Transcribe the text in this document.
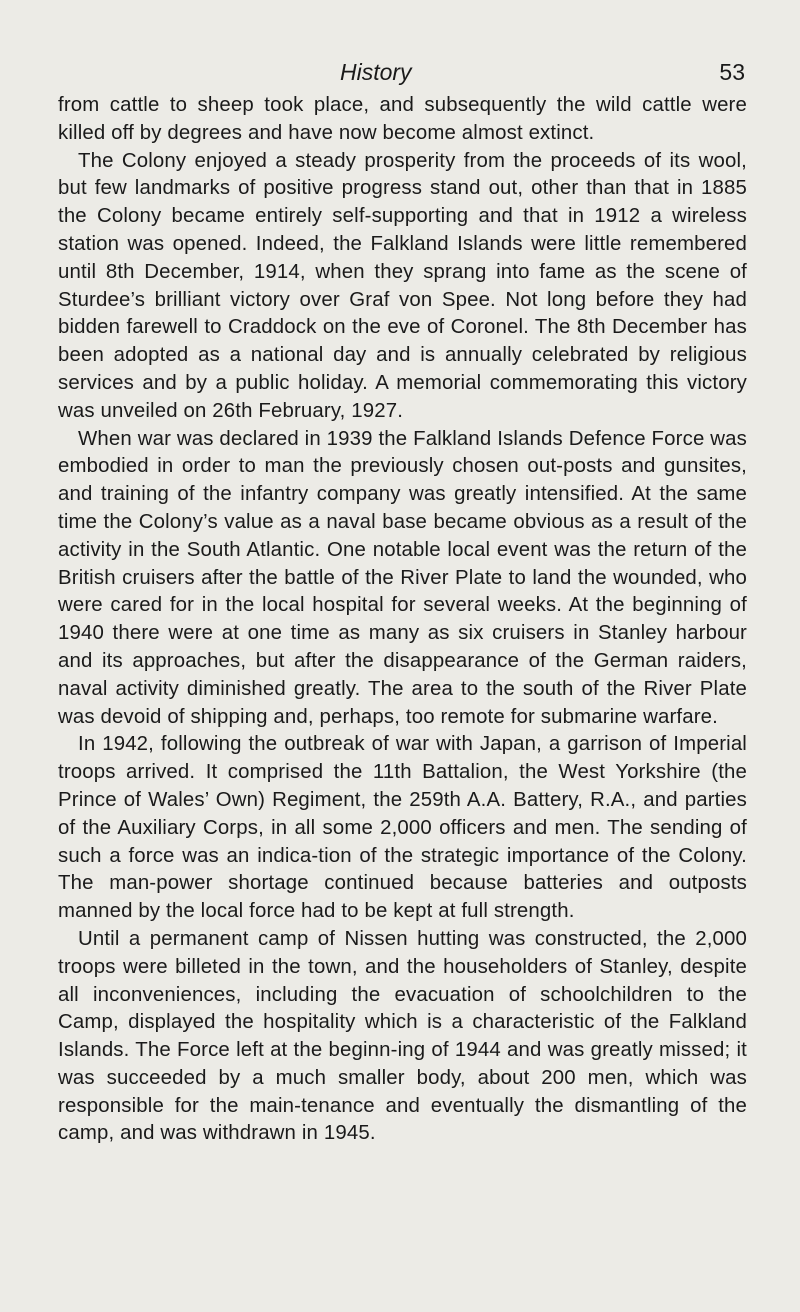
History	53

from cattle to sheep took place, and subsequently the wild cattle were killed off by degrees and have now become almost extinct.

The Colony enjoyed a steady prosperity from the proceeds of its wool, but few landmarks of positive progress stand out, other than that in 1885 the Colony became entirely self-supporting and that in 1912 a wireless station was opened. Indeed, the Falkland Islands were little remembered until 8th December, 1914, when they sprang into fame as the scene of Sturdee’s brilliant victory over Graf von Spee. Not long before they had bidden farewell to Craddock on the eve of Coronel. The 8th December has been adopted as a national day and is annually celebrated by religious services and by a public holiday. A memorial commemorating this victory was unveiled on 26th February, 1927.

When war was declared in 1939 the Falkland Islands Defence Force was embodied in order to man the previously chosen out-posts and gunsites, and training of the infantry company was greatly intensified. At the same time the Colony’s value as a naval base became obvious as a result of the activity in the South Atlantic. One notable local event was the return of the British cruisers after the battle of the River Plate to land the wounded, who were cared for in the local hospital for several weeks. At the beginning of 1940 there were at one time as many as six cruisers in Stanley harbour and its approaches, but after the disappearance of the German raiders, naval activity diminished greatly. The area to the south of the River Plate was devoid of shipping and, perhaps, too remote for submarine warfare.

In 1942, following the outbreak of war with Japan, a garrison of Imperial troops arrived. It comprised the 11th Battalion, the West Yorkshire (the Prince of Wales’ Own) Regiment, the 259th A.A. Battery, R.A., and parties of the Auxiliary Corps, in all some 2,000 officers and men. The sending of such a force was an indica-tion of the strategic importance of the Colony. The man-power shortage continued because batteries and outposts manned by the local force had to be kept at full strength.

Until a permanent camp of Nissen hutting was constructed, the 2,000 troops were billeted in the town, and the householders of Stanley, despite all inconveniences, including the evacuation of schoolchildren to the Camp, displayed the hospitality which is a characteristic of the Falkland Islands. The Force left at the beginn-ing of 1944 and was greatly missed; it was succeeded by a much smaller body, about 200 men, which was responsible for the main-tenance and eventually the dismantling of the camp, and was withdrawn in 1945.
